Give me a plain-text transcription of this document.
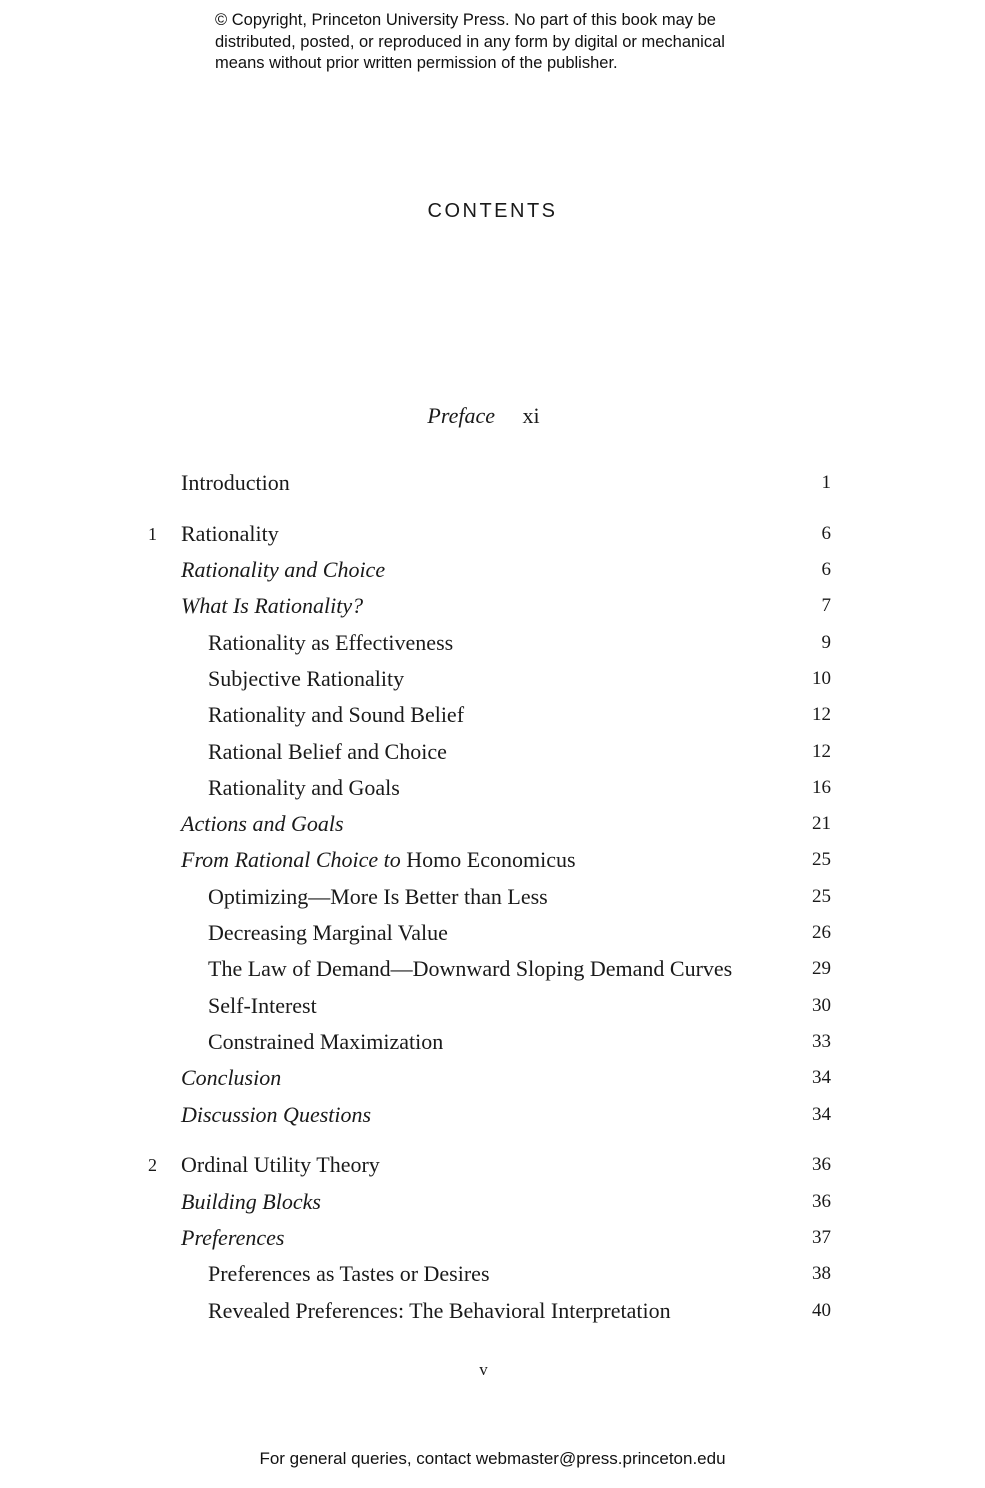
© Copyright, Princeton University Press. No part of this book may be
distributed, posted, or reproduced in any form by digital or mechanical
means without prior written permission of the publisher.
CONTENTS
Preface xi
Introduction	1
1 Rationality	6
Rationality and Choice	6
What Is Rationality?	7
Rationality as Effectiveness	9
Subjective Rationality	10
Rationality and Sound Belief	12
Rational Belief and Choice	12
Rationality and Goals	16
Actions and Goals	21
From Rational Choice to Homo Economicus	25
Optimizing—More Is Better than Less	25
Decreasing Marginal Value	26
The Law of Demand—Downward Sloping Demand Curves	29
Self-Interest	30
Constrained Maximization	33
Conclusion	34
Discussion Questions	34
2 Ordinal Utility Theory	36
Building Blocks	36
Preferences	37
Preferences as Tastes or Desires	38
Revealed Preferences: The Behavioral Interpretation	40
v
For general queries, contact webmaster@press.princeton.edu
